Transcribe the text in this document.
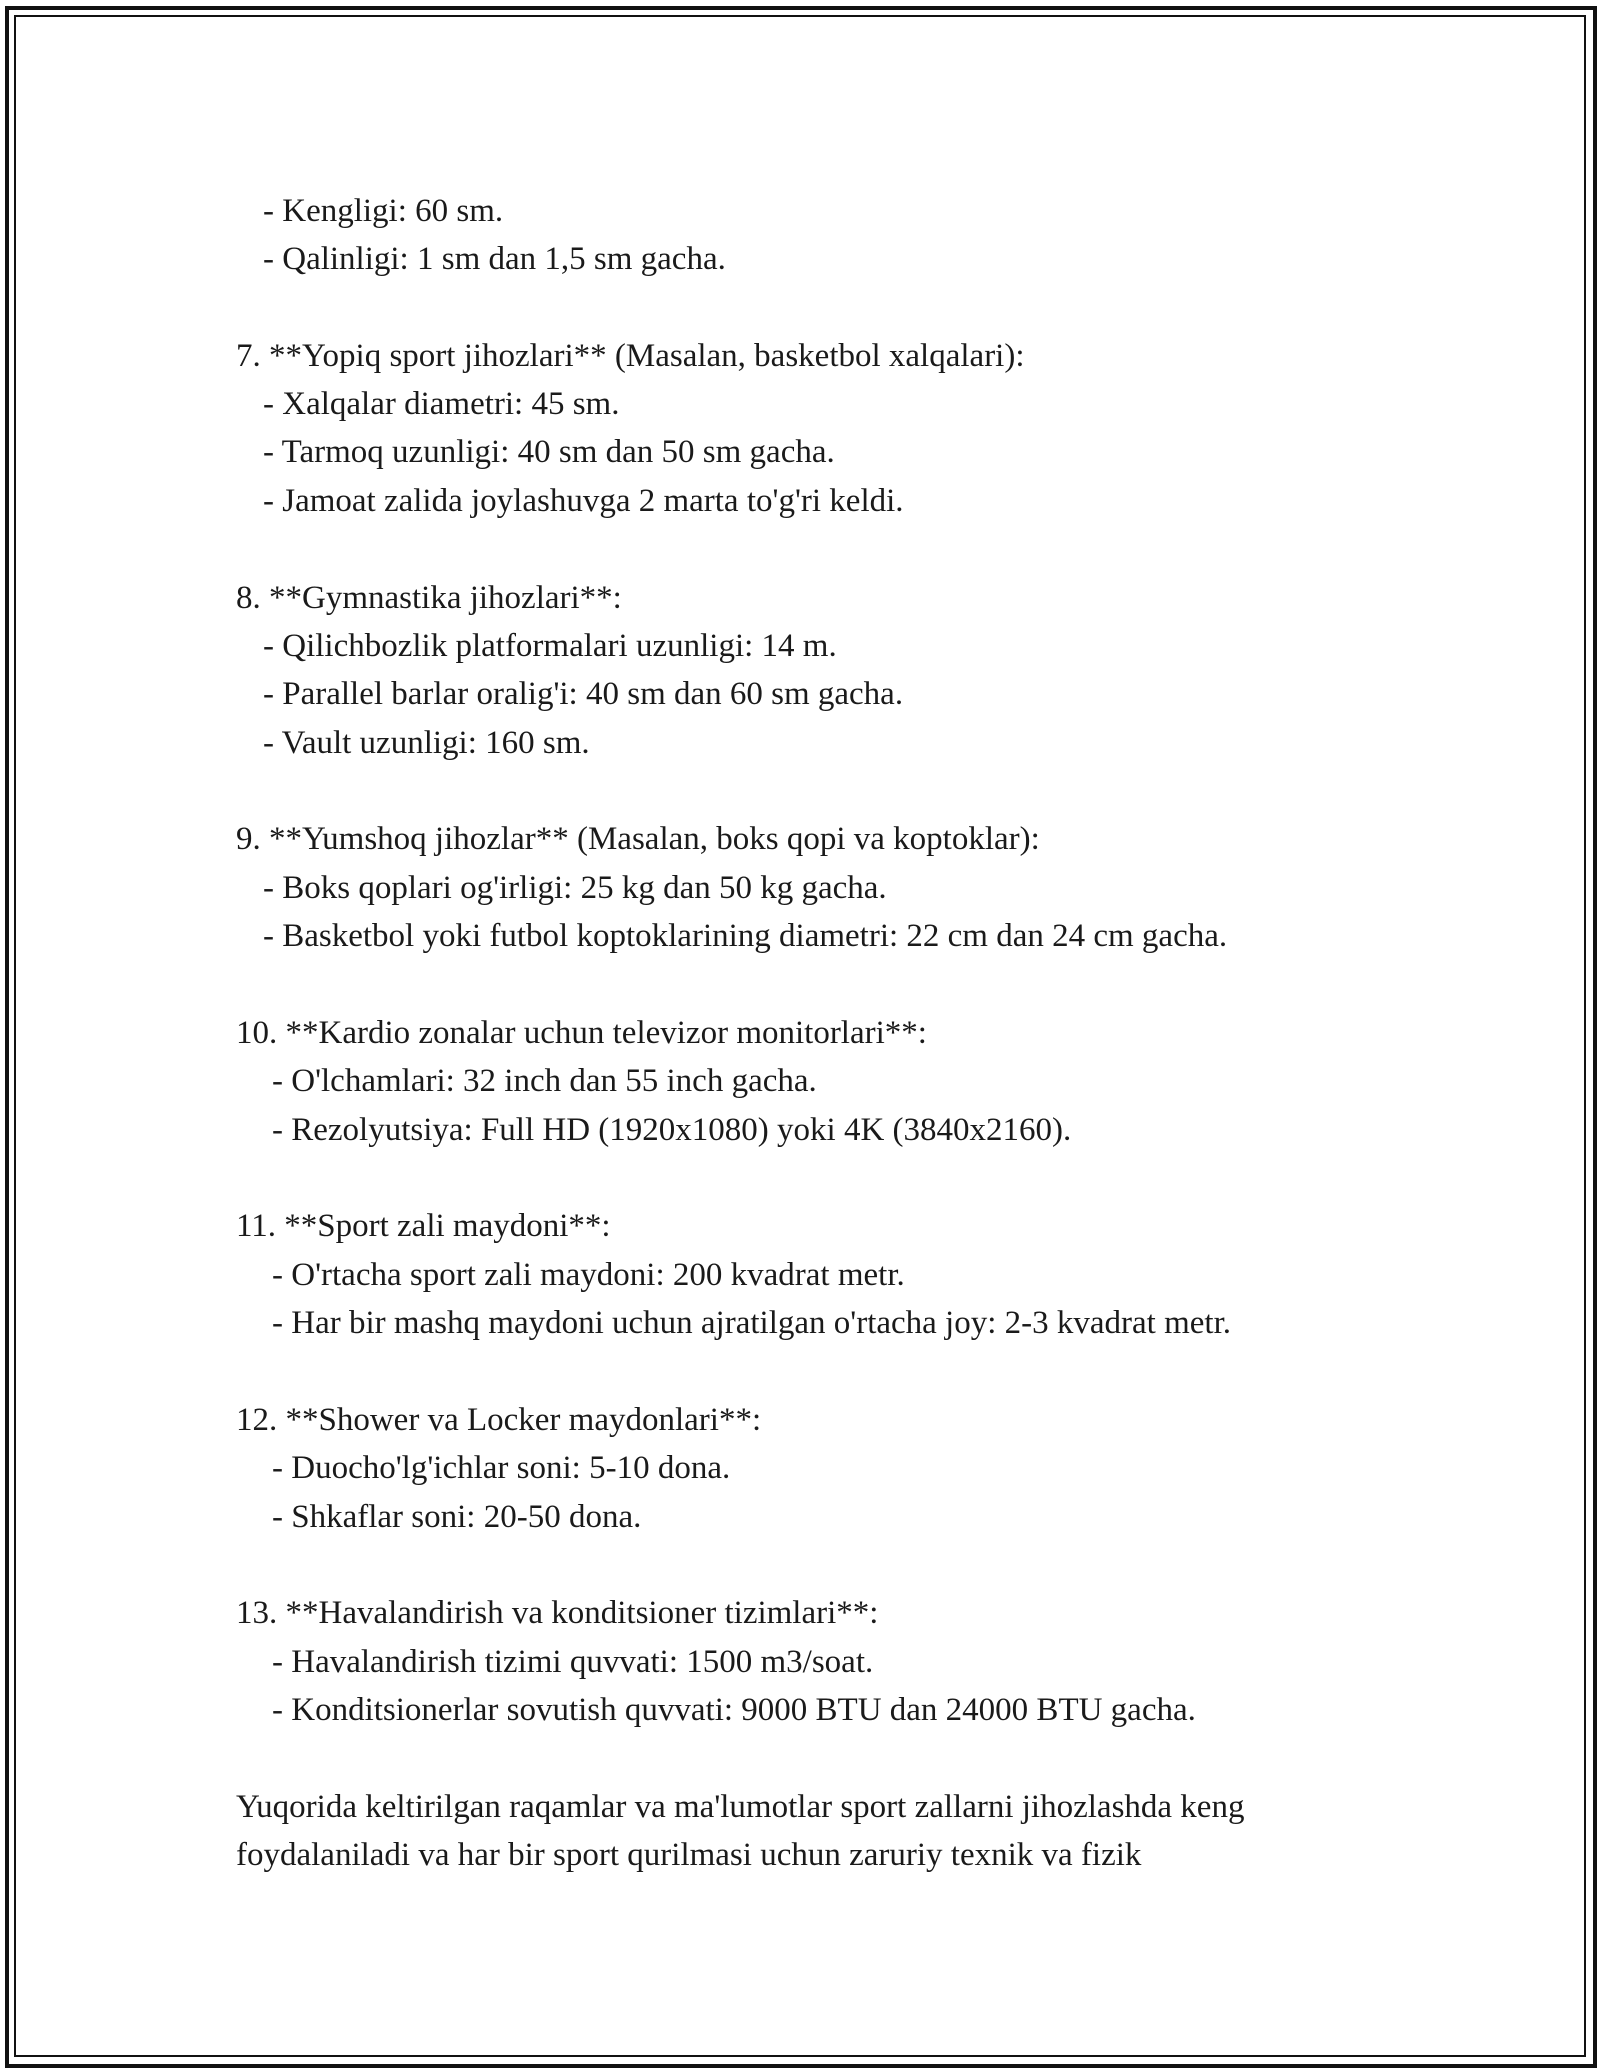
- Kengligi: 60 sm.
- Qalinligi: 1 sm dan 1,5 sm gacha.
7. **Yopiq sport jihozlari** (Masalan, basketbol xalqalari):
- Xalqalar diametri: 45 sm.
- Tarmoq uzunligi: 40 sm dan 50 sm gacha.
- Jamoat zalida joylashuvga 2 marta to'g'ri keldi.
8. **Gymnastika jihozlari**:
- Qilichbozlik platformalari uzunligi: 14 m.
- Parallel barlar oralig'i: 40 sm dan 60 sm gacha.
- Vault uzunligi: 160 sm.
9. **Yumshoq jihozlar** (Masalan, boks qopi va koptoklar):
- Boks qoplari og'irligi: 25 kg dan 50 kg gacha.
- Basketbol yoki futbol koptoklarining diametri: 22 cm dan 24 cm gacha.
10. **Kardio zonalar uchun televizor monitorlari**:
- O'lchamlari: 32 inch dan 55 inch gacha.
- Rezolyutsiya: Full HD (1920x1080) yoki 4K (3840x2160).
11. **Sport zali maydoni**:
- O'rtacha sport zali maydoni: 200 kvadrat metr.
- Har bir mashq maydoni uchun ajratilgan o'rtacha joy: 2-3 kvadrat metr.
12. **Shower va Locker maydonlari**:
- Duocho'lg'ichlar soni: 5-10 dona.
- Shkaflar soni: 20-50 dona.
13. **Havalandirish va konditsioner tizimlari**:
- Havalandirish tizimi quvvati: 1500 m3/soat.
- Konditsionerlar sovutish quvvati: 9000 BTU dan 24000 BTU gacha.
Yuqorida keltirilgan raqamlar va ma'lumotlar sport zallarni jihozlashda keng
foydalaniladi va har bir sport qurilmasi uchun zaruriy texnik va fizik
